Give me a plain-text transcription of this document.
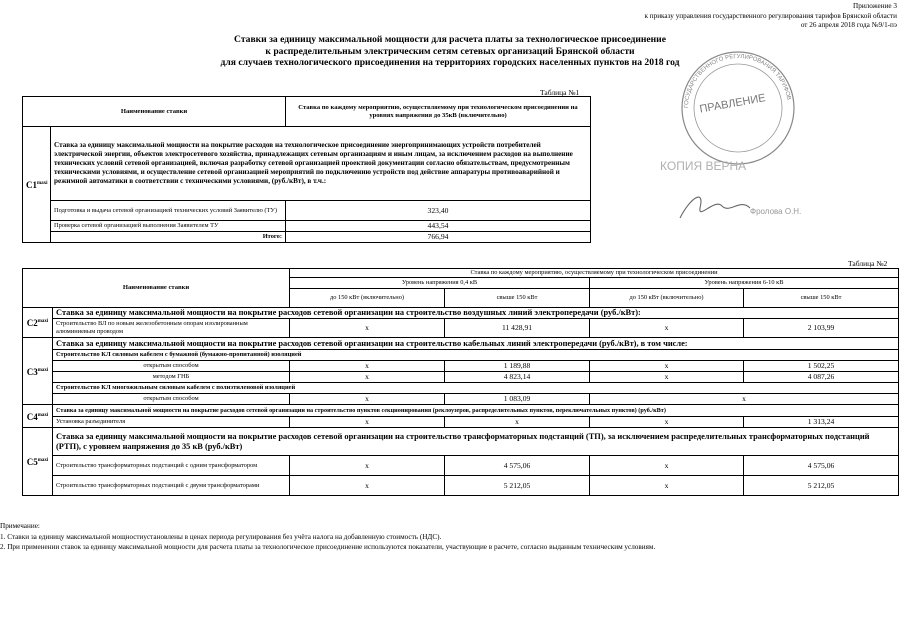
Приложение 3
к приказу управления государственного регулирования тарифов Брянской области
от 26 апреля 2018 года №9/1-пэ
Ставки за единицу максимальной мощности для расчета платы за технологическое присоединение
к распределительным электрическим сетям сетевых организаций Брянской области
для случаев технологического присоединения на территориях городских населенных пунктов на 2018 год
Таблица №1
Наименование ставки		Ставка по каждому мероприятию, осуществляемому при технологическом присоединении на уровнях напряжения до 35кВ (включительно)
$С1^{maxi}$	Ставка за единицу максимальной мощности на покрытие расходов на технологическое присоединение энергопринимающих устройств потребителей электрической энергии, объектов электросетевого хозяйства, принадлежащих сетевым организациям и иным лицам, за исключением расходов на выполнение технических условий сетевой организацией, включая разработку сетевой организацией проектной документации согласно обязательствам, предусмотренным техническими условиями, и осуществление сетевой организацией мероприятий по подключению устройств под действие аппаратуры противоаварийной и режимной автоматики в соответствии с техническими условиями, (руб./кВт), в т.ч.:	
	Подготовка и выдача сетевой организацией технических условий Заявителю (ТУ)	323,40
	Проверка сетевой организацией выполнения Заявителем ТУ	443,54
	Итого:	766,94
ГОСУДАРСТВЕННОГО РЕГУЛИРОВАНИЯ ТАРИФОВ
ПРАВЛЕНИЕ
КОПИЯ ВЕРНА
Фролова О.Н.
Таблица №2
Наименование ставки		Ставка по каждому мероприятию, осуществляемому при технологическом присоединении			
		Уровень напряжения 0,4 кВ		Уровень напряжения 6-10 кВ	
		до 150 кВт (включительно)	свыше 150 кВт	до 150 кВт (включительно)	свыше 150 кВт
$С2^{maxi}$	Ставка за единицу максимальной мощности на покрытие расходов сетевой организации на строительство воздушных линий электропередачи (руб./кВт):				
	Строительство ВЛ по новым железобетонным опорам изолированным алюминиевым проводом	x	11 428,91	x	2 103,99
$С3^{maxi}$	Ставка за единицу максимальной мощности на покрытие расходов сетевой организации на строительство кабельных линий электропередачи (руб./кВт), в том числе:				
	Строительство КЛ силовым кабелем с бумажной (бумажно-пропитанной) изоляцией				
	открытым способом	x	1 189,88	x	1 502,25
	методом ГНБ	x	4 823,14	x	4 087,26
	Строительство КЛ многожильным силовым кабелем с полиэтиленовой изоляцией				
	открытым способом	x	1 083,09	x	
$С4^{maxi}$	Ставка за единицу максимальной мощности на покрытие расходов сетевой организации на строительство пунктов секционирования (реклоузеров, распределительных пунктов, переключательных пунктов) (руб./кВт)				
	Установка разъединителя	x	x	x	1 313,24
$С5^{maxi}$	Ставка за единицу максимальной мощности на покрытие расходов сетевой организации на строительство трансформаторных подстанций (ТП), за исключением распределительных трансформаторных подстанций (РТП), с уровнем напряжения до 35 кВ (руб./кВт)				
	Строительство трансформаторных подстанций с одним трансформатором	x	4 575,06	x	4 575,06
	Строительство трансформаторных подстанций с двумя трансформаторами	x	5 212,05	x	5 212,05
Примечание:
1. Ставки за единицу максимальной мощностиустановлены в ценах периода регулирования без учёта налога на добавленную стоимость (НДС).
2. При применении ставок за единицу максимальной мощности для расчета платы за технологическое присоединение используются показатели, участвующие в расчете, согласно выданным техническим условиям.
